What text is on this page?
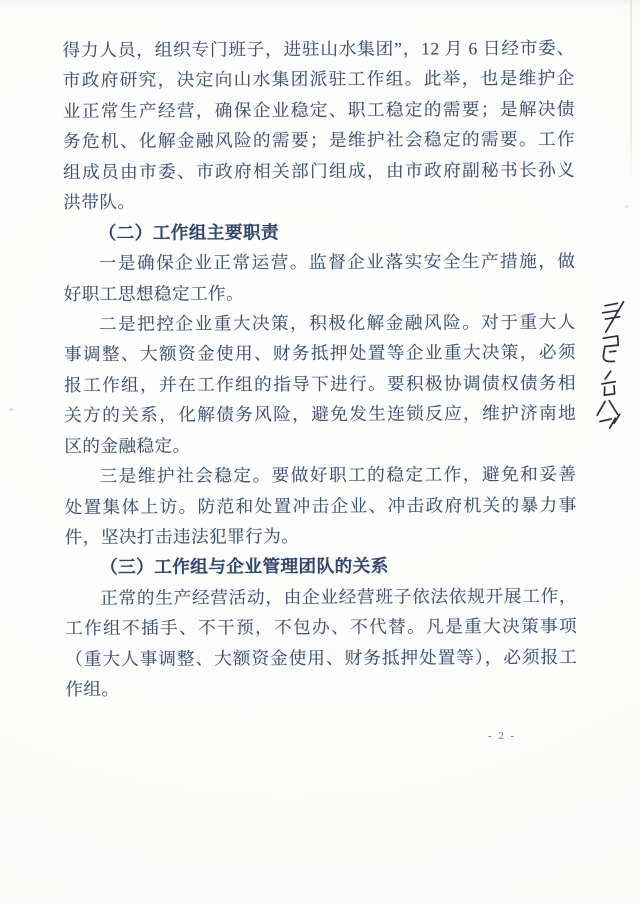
得力人员，组织专门班子，进驻山水集团”，12 月 6 日经市委、
市政府研究，决定向山水集团派驻工作组。此举，也是维护企
业正常生产经营，确保企业稳定、职工稳定的需要；是解决债
务危机、化解金融风险的需要；是维护社会稳定的需要。工作
组成员由市委、市政府相关部门组成，由市政府副秘书长孙义
洪带队。
（二）工作组主要职责
一是确保企业正常运营。监督企业落实安全生产措施，做
好职工思想稳定工作。
二是把控企业重大决策，积极化解金融风险。对于重大人
事调整、大额资金使用、财务抵押处置等企业重大决策，必须
报工作组，并在工作组的指导下进行。要积极协调债权债务相
关方的关系，化解债务风险，避免发生连锁反应，维护济南地
区的金融稳定。
三是维护社会稳定。要做好职工的稳定工作，避免和妥善
处置集体上访。防范和处置冲击企业、冲击政府机关的暴力事
件，坚决打击违法犯罪行为。
（三）工作组与企业管理团队的关系
正常的生产经营活动，由企业经营班子依法依规开展工作，
工作组不插手、不干预，不包办、不代替。凡是重大决策事项
（重大人事调整、大额资金使用、财务抵押处置等），必须报工
作组。
- 2 -
